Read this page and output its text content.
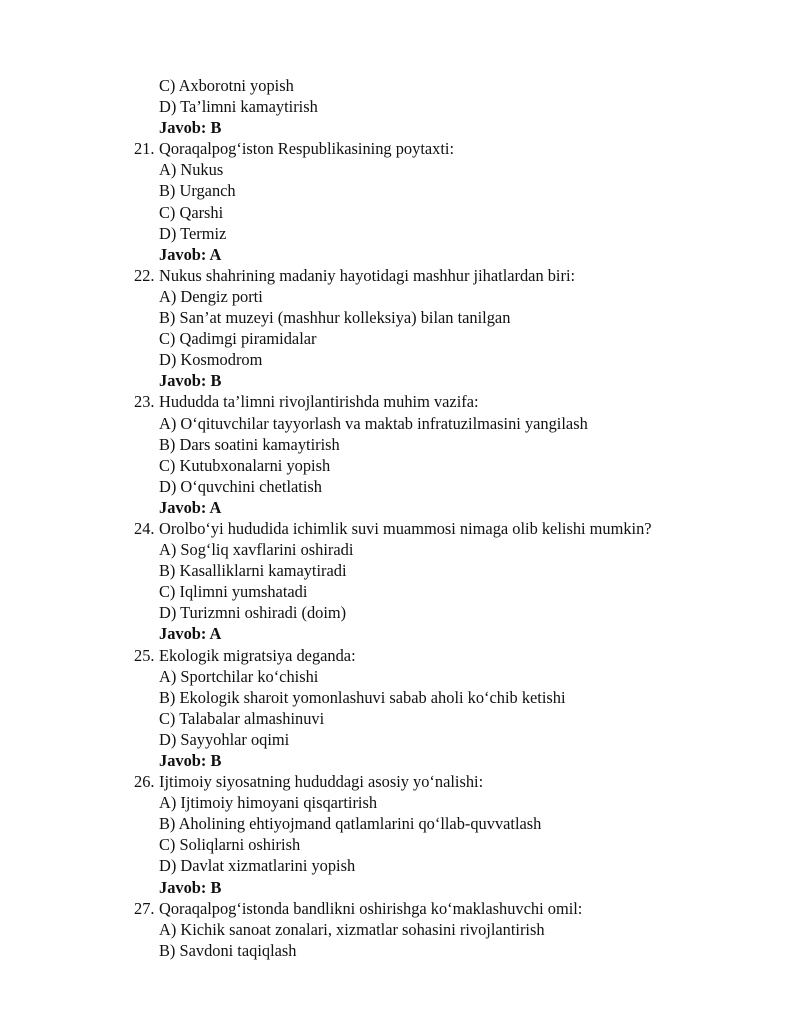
C) Axborotni yopish
D) Ta’limni kamaytirish
Javob: B
21. Qoraqalpog‘iston Respublikasining poytaxti:
A) Nukus
B) Urganch
C) Qarshi
D) Termiz
Javob: A
22. Nukus shahrining madaniy hayotidagi mashhur jihatlardan biri:
A) Dengiz porti
B) San’at muzeyi (mashhur kolleksiya) bilan tanilgan
C) Qadimgi piramidalar
D) Kosmodrom
Javob: B
23. Hududda ta’limni rivojlantirishda muhim vazifa:
A) O‘qituvchilar tayyorlash va maktab infratuzilmasini yangilash
B) Dars soatini kamaytirish
C) Kutubxonalarni yopish
D) O‘quvchini chetlatish
Javob: A
24. Orolbo‘yi hududida ichimlik suvi muammosi nimaga olib kelishi mumkin?
A) Sog‘liq xavflarini oshiradi
B) Kasalliklarni kamaytiradi
C) Iqlimni yumshatadi
D) Turizmni oshiradi (doim)
Javob: A
25. Ekologik migratsiya deganda:
A) Sportchilar ko‘chishi
B) Ekologik sharoit yomonlashuvi sabab aholi ko‘chib ketishi
C) Talabalar almashinuvi
D) Sayyohlar oqimi
Javob: B
26. Ijtimoiy siyosatning hududdagi asosiy yo‘nalishi:
A) Ijtimoiy himoyani qisqartirish
B) Aholining ehtiyojmand qatlamlarini qo‘llab-quvvatlash
C) Soliqlarni oshirish
D) Davlat xizmatlarini yopish
Javob: B
27. Qoraqalpog‘istonda bandlikni oshirishga ko‘maklashuvchi omil:
A) Kichik sanoat zonalari, xizmatlar sohasini rivojlantirish
B) Savdoni taqiqlash
